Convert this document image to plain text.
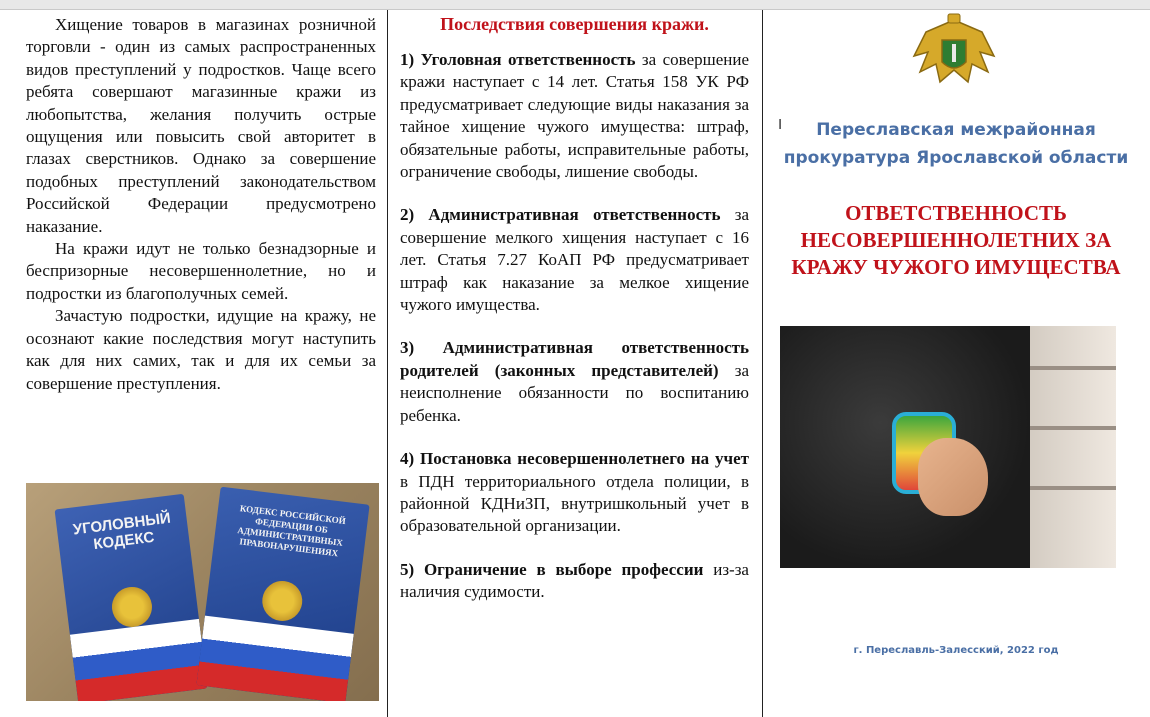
Хищение товаров в магазинах розничной торговли - один из самых распространенных видов преступлений у подростков. Чаще всего ребята совершают магазинные кражи из любопытства, желания получить острые ощущения или повысить свой авторитет в глазах сверстников. Однако за совершение подобных преступлений законодательством Российской Федерации предусмотрено наказание.

На кражи идут не только безнадзорные и беспризорные несовершеннолетние, но и подростки из благополучных семей.

Зачастую подростки, идущие на кражу, не осознают какие последствия могут наступить как для них самих, так и для их семьи за совершение преступления.

УГОЛОВНЫЙ КОДЕКС
КОДЕКС РОССИЙСКОЙ ФЕДЕРАЦИИ ОБ АДМИНИСТРАТИВНЫХ ПРАВОНАРУШЕНИЯХ
Последствия совершения кражи.

1) Уголовная ответственность за совершение кражи наступает с 14 лет. Статья 158 УК РФ предусматривает следующие виды наказания за тайное хищение чужого имущества: штраф, обязательные работы, исправительные работы, ограничение свободы, лишение свободы.

2) Административная ответственность за совершение мелкого хищения наступает с 16 лет. Статья 7.27 КоАП РФ предусматривает штраф как наказание за мелкое хищение чужого имущества.

3) Административная ответственность родителей (законных представителей) за неисполнение обязанности по воспитанию ребенка.

4) Постановка несовершеннолетнего на учет в ПДН территориального отдела полиции, в районной КДНиЗП, внутришкольный учет в образовательной организации.

5) Ограничение в выборе профессии из-за наличия судимости.

I	Переславская межрайонная прокуратура Ярославской области
ОТВЕТСТВЕННОСТЬ НЕСОВЕРШЕННОЛЕТНИХ ЗА КРАЖУ ЧУЖОГО ИМУЩЕСТВА
г. Переславль-Залесский, 2022 год
